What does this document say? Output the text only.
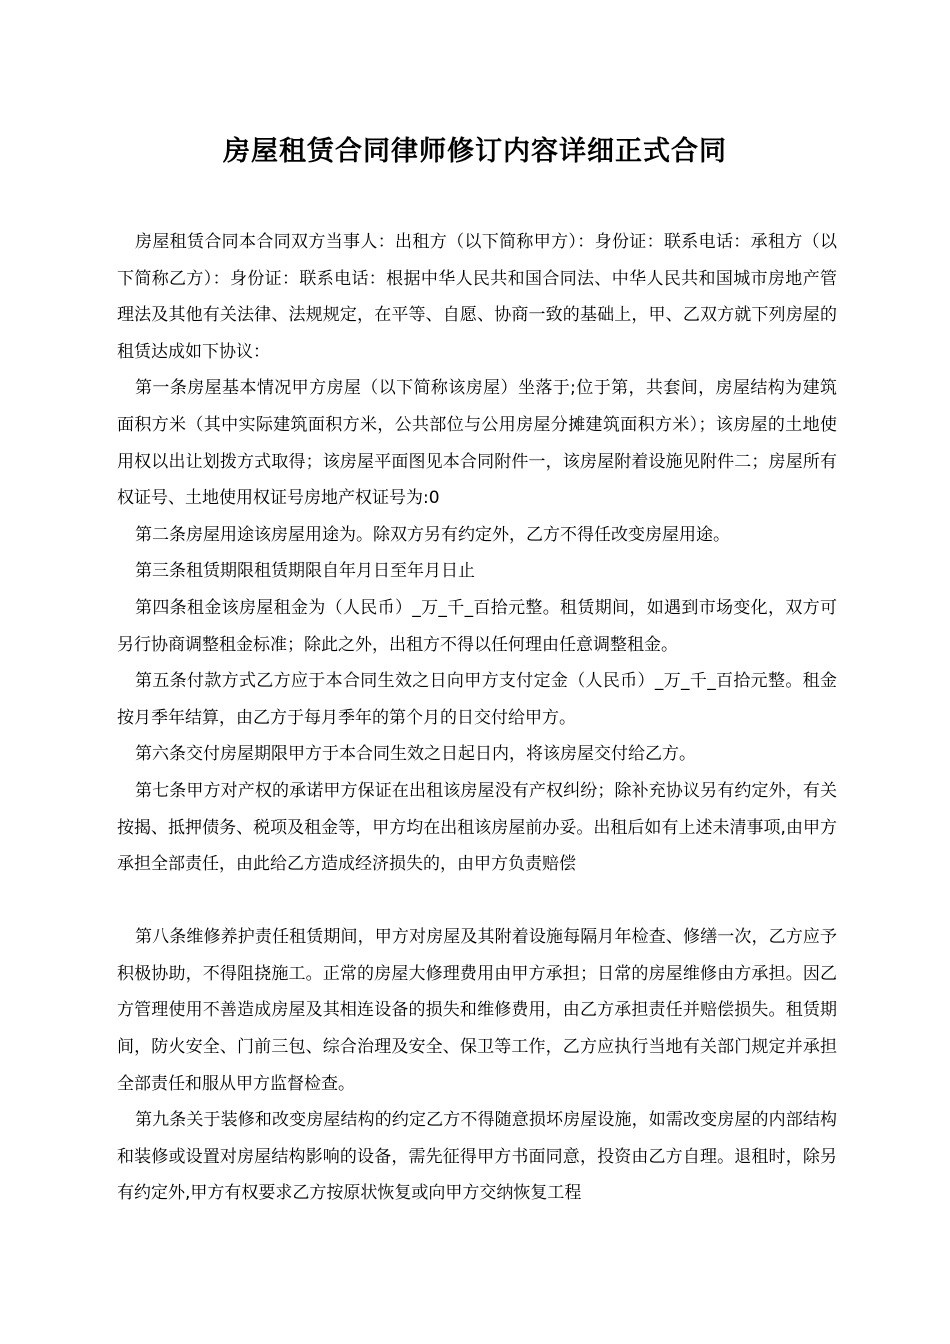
房屋租赁合同律师修订内容详细正式合同

房屋租赁合同本合同双方当事人：出租方（以下简称甲方）：身份证：联系电话：承租方（以下简称乙方）：身份证：联系电话：根据中华人民共和国合同法、中华人民共和国城市房地产管理法及其他有关法律、法规规定，在平等、自愿、协商一致的基础上，甲、乙双方就下列房屋的租赁达成如下协议：

第一条房屋基本情况甲方房屋（以下简称该房屋）坐落于;位于第，共套间，房屋结构为建筑面积方米（其中实际建筑面积方米，公共部位与公用房屋分摊建筑面积方米）；该房屋的土地使用权以出让划拨方式取得；该房屋平面图见本合同附件一，该房屋附着设施见附件二；房屋所有权证号、土地使用权证号房地产权证号为:0

第二条房屋用途该房屋用途为。除双方另有约定外，乙方不得任改变房屋用途。

第三条租赁期限租赁期限自年月日至年月日止

第四条租金该房屋租金为（人民币）_万_千_百拾元整。租赁期间，如遇到市场变化，双方可另行协商调整租金标准；除此之外，出租方不得以任何理由任意调整租金。

第五条付款方式乙方应于本合同生效之日向甲方支付定金（人民币）_万_千_百拾元整。租金按月季年结算，由乙方于每月季年的第个月的日交付给甲方。

第六条交付房屋期限甲方于本合同生效之日起日内，将该房屋交付给乙方。

第七条甲方对产权的承诺甲方保证在出租该房屋没有产权纠纷；除补充协议另有约定外，有关按揭、抵押债务、税项及租金等，甲方均在出租该房屋前办妥。出租后如有上述未清事项,由甲方承担全部责任，由此给乙方造成经济损失的，由甲方负责赔偿

第八条维修养护责任租赁期间，甲方对房屋及其附着设施每隔月年检查、修缮一次，乙方应予积极协助，不得阻挠施工。正常的房屋大修理费用由甲方承担；日常的房屋维修由方承担。因乙方管理使用不善造成房屋及其相连设备的损失和维修费用，由乙方承担责任并赔偿损失。租赁期间，防火安全、门前三包、综合治理及安全、保卫等工作，乙方应执行当地有关部门规定并承担全部责任和服从甲方监督检查。

第九条关于装修和改变房屋结构的约定乙方不得随意损坏房屋设施，如需改变房屋的内部结构和装修或设置对房屋结构影响的设备，需先征得甲方书面同意，投资由乙方自理。退租时，除另有约定外,甲方有权要求乙方按原状恢复或向甲方交纳恢复工程
